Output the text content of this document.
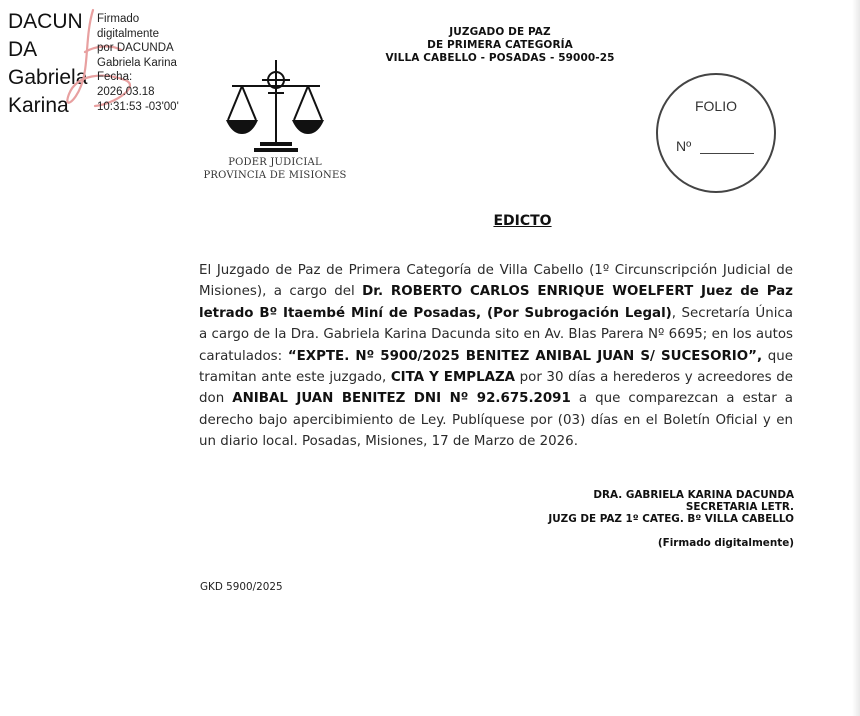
DACUN
DA
Gabriela
Karina
Firmado
digitalmente
por DACUNDA
Gabriela Karina
Fecha:
2026.03.18
10:31:53 -03'00'
JUZGADO DE PAZ
DE PRIMERA CATEGORÍA
VILLA CABELLO - POSADAS - 59000-25
PODER JUDICIAL
PROVINCIA DE MISIONES
FOLIO
Nº
EDICTO
El Juzgado de Paz de Primera Categoría de Villa Cabello (1º Circunscripción Judicial de Misiones), a cargo del Dr. ROBERTO CARLOS ENRIQUE WOELFERT Juez de Paz letrado Bº Itaembé Miní de Posadas, (Por Subrogación Legal), Secretaría Única a cargo de la Dra. Gabriela Karina Dacunda sito en Av. Blas Parera Nº 6695; en los autos caratulados: “EXPTE. Nº 5900/2025 BENITEZ ANIBAL JUAN S/ SUCESORIO”, que tramitan ante este juzgado, CITA Y EMPLAZA por 30 días a herederos y acreedores de don ANIBAL JUAN BENITEZ DNI Nº 92.675.2091 a que comparezcan a estar a derecho bajo apercibimiento de Ley. Publíquese por (03) días en el Boletín Oficial y en un diario local. Posadas, Misiones, 17 de Marzo de 2026.
DRA. GABRIELA KARINA DACUNDA
SECRETARIA LETR.
JUZG DE PAZ 1º CATEG. Bº VILLA CABELLO
(Firmado digitalmente)
GKD 5900/2025
